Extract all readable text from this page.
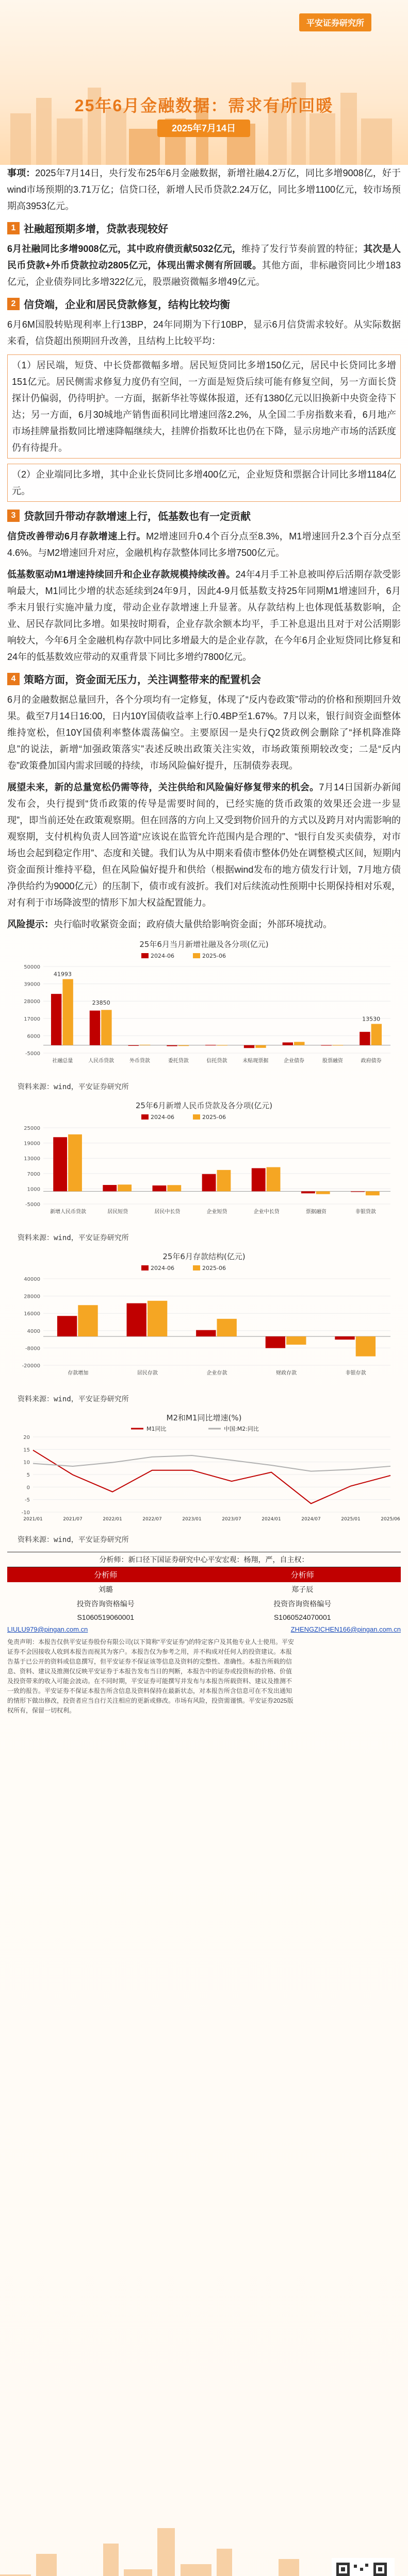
平安证券研究所
25年6月金融数据：需求有所回暖
2025年7月14日

事项：2025年7月14日，央行发布25年6月金融数据，新增社融4.2万亿，同比多增9008亿，好于wind市场预期的3.71万亿；信贷口径，新增人民币贷款2.24万亿，同比多增1100亿元，较市场预期高3953亿元。

1 社融超预期多增，贷款表现较好

6月社融同比多增9008亿元，其中政府债贡献5032亿元，维持了发行节奏前置的特征；其次是人民币贷款+外币贷款拉动2805亿元，体现出需求侧有所回暖。其他方面，非标融资同比少增183亿元，企业债券同比多增322亿元，股票融资微幅多增49亿元。

2 信贷端，企业和居民贷款修复，结构比较均衡

6月6M国股转贴现利率上行13BP，24年同期为下行10BP，显示6月信贷需求较好。从实际数据来看，信贷超出预期回升改善，且结构上比较平均：

（1）居民端，短贷、中长贷都微幅多增。居民短贷同比多增150亿元，居民中长贷同比多增151亿元。居民侧需求修复力度仍有空间，一方面是短贷后续可能有修复空间，另一方面长贷探计仍偏弱，仍待明护。一方面，据新华社等媒体报道，还有1380亿元以旧换新中央资金待下达；另一方面，6月30城地产销售面积同比增速回落2.2%，从全国二手房指数来看，6月地产市场挂牌量指数同比增速降幅继续大，挂牌价指数环比也仍在下降，显示房地产市场的活跃度仍有待提升。

（2）企业端同比多增，其中企业长贷同比多增400亿元，企业短贷和票据合计同比多增1184亿元。

3 贷款回升带动存款增速上行，低基数也有一定贡献

信贷改善带动6月存款增速上行。M2增速回升0.4个百分点至8.3%，M1增速回升2.3个百分点至4.6%。与M2增速回升对应，金融机构存款整体同比多增7500亿元。

低基数驱动M1增速持续回升和企业存款规模持续改善。24年4月手工补息被叫停后活期存款受影响最大，M1同比少增的状态延续到24年9月，因此4-9月低基数支持25年同期M1增速回升，6月季末月银行实施冲量力度，带动企业存款增速上升显著。从存款结构上也体现低基数影响，企业、居民存款同比多增。如果按时期看，企业存款余额本均平，手工补息退出且对于对公活期影响较大，今年6月全金融机构存款中同比多增最大的是企业存款，在今年6月企业短贷同比修复和24年的低基数效应带动的双重背景下同比多增约7800亿元。

4 策略方面，资金面无压力，关注调整带来的配置机会

6月的金融数据总量回升，各个分项均有一定修复，体现了“反内卷政策”带动的价格和预期回升效果。截至7月14日16:00，日内10Y国债收益率上行0.4BP至1.67%。7月以来，银行间资金面整体维持宽松，但10Y国债利率整体震荡偏空。主要原因一是央行Q2货政例会删除了“择机降准降息”的说法，新增“加强政策落实”表述反映出政策关注实效，市场政策预期较改变；二是“反内卷”政策叠加国内需求回暖的持续，市场风险偏好提升，压制债券表现。

展望未来，新的总量宽松仍需等待，关注供给和风险偏好修复带来的机会。7月14日国新办新闻发布会，央行提到“货币政策的传导是需要时间的，已经实施的货币政策的效果还会进一步显现”，即当前还处在政策观察期。但在回落的方向上又受到物价回升的方式以及跨月对内需影响的观察期，支付机构负责人回答道“应该说在监管允许范围内是合理的”、“银行自发买卖债券，对市场也会起到稳定作用”、态度和关键。我们认为从中期来看债市整体仍处在调整模式区间，短期内资金面预计维持平稳，但在风险偏好提升和供给（根据wind发布的地方债发行计划，7月地方债净供给约为9000亿元）的压制下，债市或有波折。我们对后续流动性预期中长期保持相对乐观，对有利于市场降波型的情形下加大权益配置能力。

风险提示：央行临时收紧资金面；政府债大量供给影响资金面；外部环境扰动。

25年6月当月新增社融及各分项(亿元)
2024-06	2025-06
-5000
6000
17000
28000
39000
50000
社融总量	人民币贷款	外币贷款	委托贷款	信托贷款	未贴现票据	企业债券	股票融资	政府债券
41993
23850
13530
资料来源：wind，平安证券研究所
25年6月新增人民币贷款及各分项(亿元)
2024-06	2025-06
-5000
1000
7000
13000
19000
25000
新增人民币贷款	居民短贷	居民中长贷	企业短贷	企业中长贷	票据融资	非银贷款
资料来源：wind，平安证券研究所
25年6月存款结构(亿元)
2024-06	2025-06
-20000
-8000
4000
16000
28000
40000
存款增加	居民存款	企业存款	财政存款	非银存款
资料来源：wind，平安证券研究所
M2和M1同比增速(%)
M1同比	中国:M2:同比
-10
-5
0
5
10
15
20
2021/01	2021/07	2022/01	2022/07	2023/01	2023/07	2024/01	2024/07	2025/01	2025/06
资料来源：wind，平安证券研究所
分析师：新口径下国证券研究中心平安宏观：杨翔，严，自主权：
分析师	分析师
刘璐	郑子辰
投资咨询资格编号	投资咨询资格编号
S1060519060001	S1060524070001
LIULU979@pingan.com.cn	ZHENGZICHEN166@pingan.com.cn
免责声明：本报告仅供平安证券股份有限公司(以下简称“平安证券”)的特定客户及其他专业人士使用。平安证券不会因接收人收到本报告而视其为客户。本报告仅为参考之用，并不构成对任何人的投资建议。本报告基于已公开的资料或信息撰写，但平安证券不保证该等信息及资料的完整性、准确性。本报告所载的信息、资料、建议及推测仅反映平安证券于本报告发布当日的判断，本报告中的证券或投资标的价格、价值及投资带来的收入可能会波动。在不同时期，平安证券可能撰写并发布与本报告所载资料、建议及推测不一致的报告。平安证券不保证本报告所含信息及资料保持在最新状态，对本报告所含信息可在不发出通知的情形下做出修改，投资者应当自行关注相应的更新或修改。市场有风险，投资需谨慎。平安证券2025版权所有，保留一切权利。
